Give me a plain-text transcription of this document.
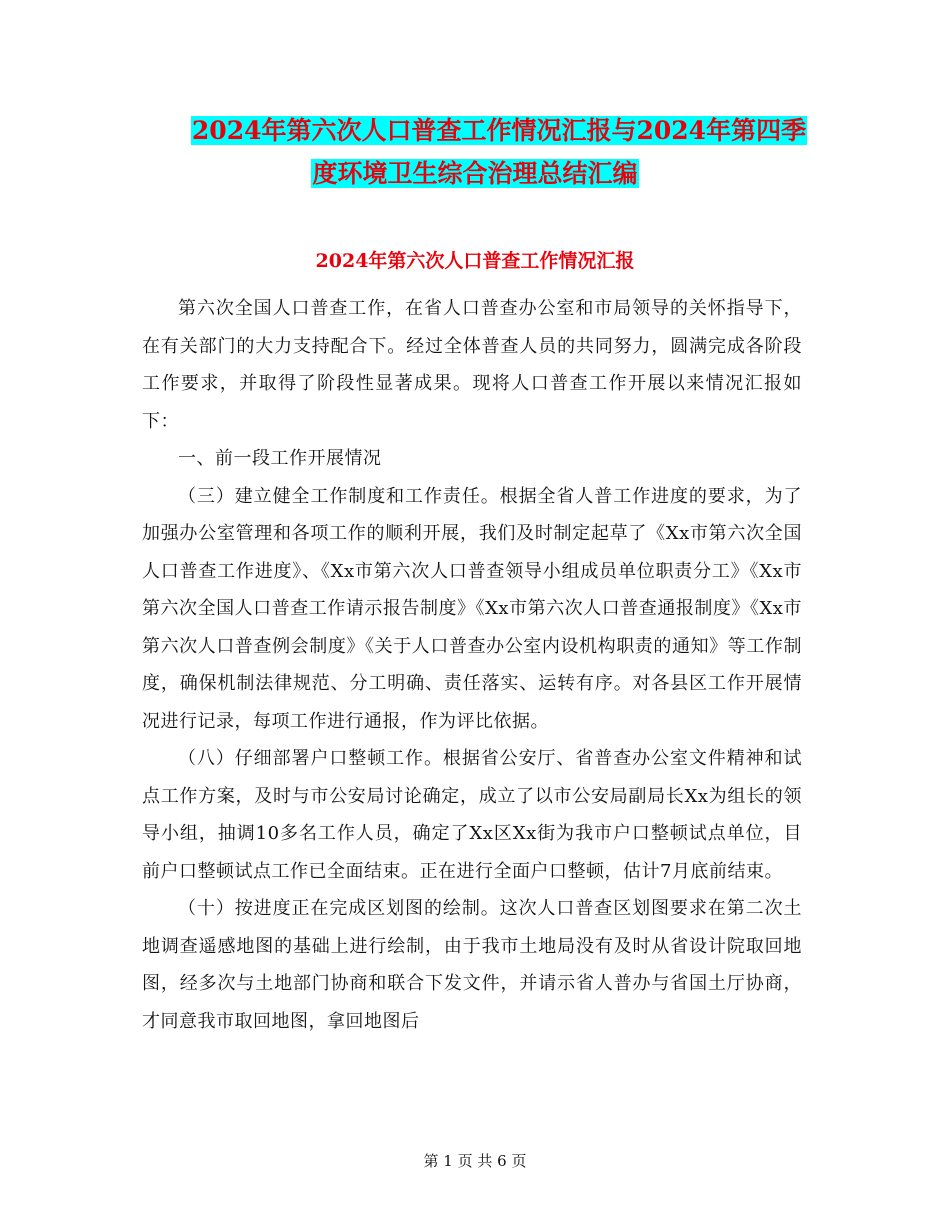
2024年第六次人口普查工作情况汇报与2024年第四季
度环境卫生综合治理总结汇编
2024年第六次人口普查工作情况汇报

第六次全国人口普查工作，在省人口普查办公室和市局领导的关怀指导下，在有关部门的大力支持配合下。经过全体普查人员的共同努力，圆满完成各阶段工作要求，并取得了阶段性显著成果。现将人口普查工作开展以来情况汇报如下：

一、前一段工作开展情况

（三）建立健全工作制度和工作责任。根据全省人普工作进度的要求，为了加强办公室管理和各项工作的顺利开展，我们及时制定起草了《Xx市第六次全国人口普查工作进度》、《Xx市第六次人口普查领导小组成员单位职责分工》《Xx市第六次全国人口普查工作请示报告制度》《Xx市第六次人口普查通报制度》《Xx市第六次人口普查例会制度》《关于人口普查办公室内设机构职责的通知》等工作制度，确保机制法律规范、分工明确、责任落实、运转有序。对各县区工作开展情况进行记录，每项工作进行通报，作为评比依据。

（八）仔细部署户口整顿工作。根据省公安厅、省普查办公室文件精神和试点工作方案，及时与市公安局讨论确定，成立了以市公安局副局长Xx为组长的领导小组，抽调10多名工作人员，确定了Xx区Xx街为我市户口整顿试点单位，目前户口整顿试点工作已全面结束。正在进行全面户口整顿，估计7月底前结束。

（十）按进度正在完成区划图的绘制。这次人口普查区划图要求在第二次土地调查遥感地图的基础上进行绘制，由于我市土地局没有及时从省设计院取回地图，经多次与土地部门协商和联合下发文件，并请示省人普办与省国土厅协商，才同意我市取回地图，拿回地图后

第 1 页 共 6 页
